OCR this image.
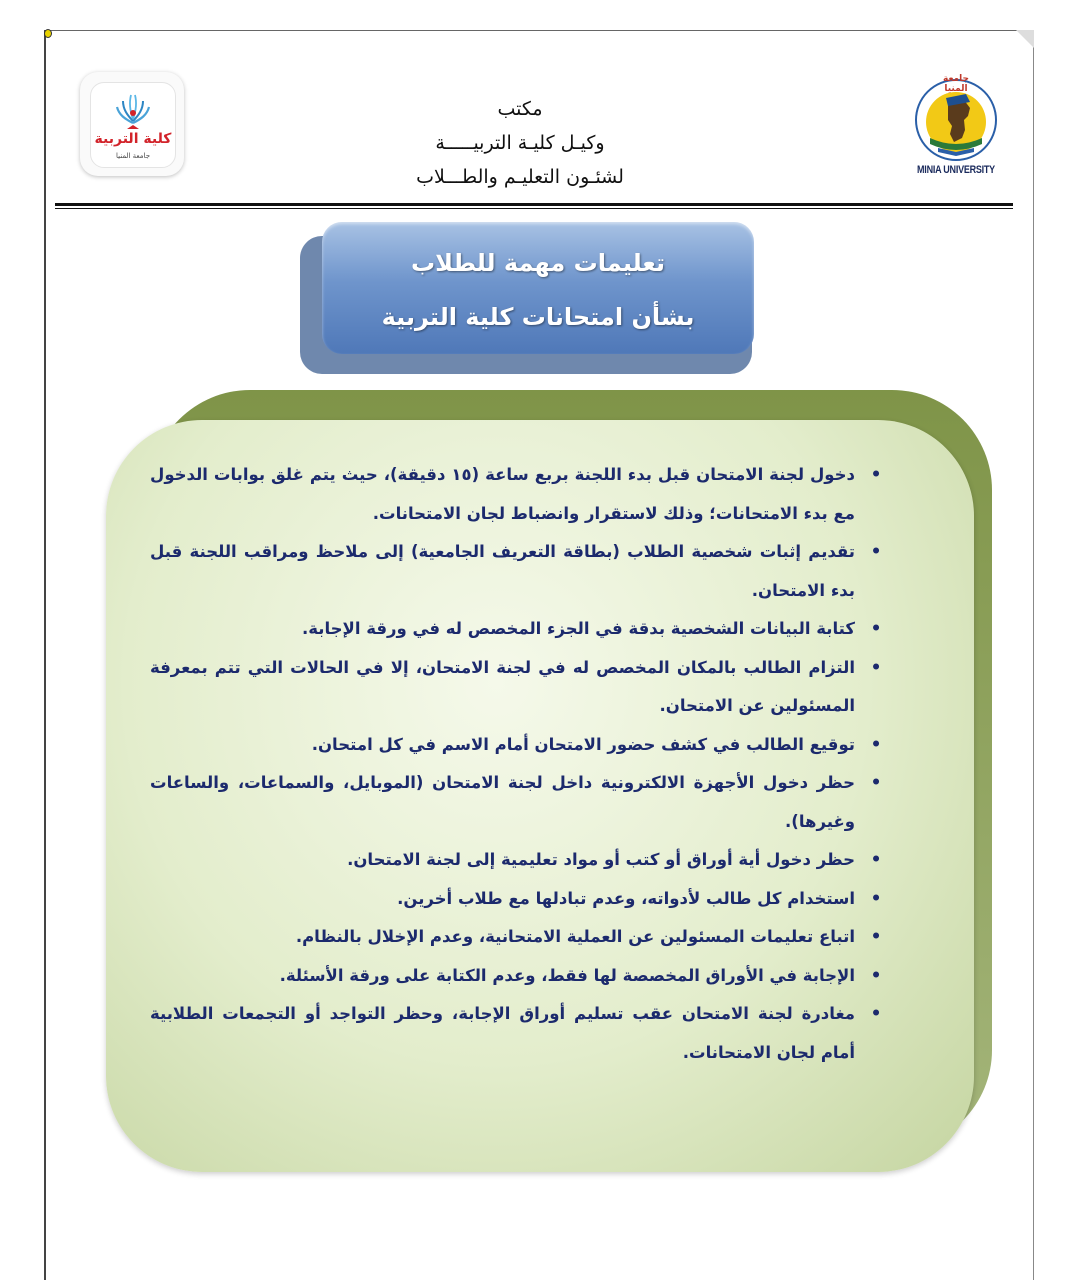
كلية التربية
جامعة المنيا
مكتب
وكيـل كليـة التربيـــــة
لشئـون التعليـم والطـــلاب
جامعة المنيا
MINIA UNIVERSITY
تعليمات مهمة للطلاب
بشأن امتحانات كلية التربية
•
دخول لجنة الامتحان قبل بدء اللجنة بربع ساعة (١٥ دقيقة)، حيث يتم غلق بوابات الدخول مع بدء الامتحانات؛ وذلك لاستقرار وانضباط لجان الامتحانات.
•
تقديم إثبات شخصية الطلاب (بطاقة التعريف الجامعية) إلى ملاحظ ومراقب اللجنة قبل بدء الامتحان.
•
كتابة البيانات الشخصية بدقة في الجزء المخصص له في ورقة الإجابة.
•
التزام الطالب بالمكان المخصص له في لجنة الامتحان، إلا في الحالات التي تتم بمعرفة المسئولين عن الامتحان.
•
توقيع الطالب في كشف حضور الامتحان أمام الاسم في كل امتحان.
•
حظر دخول الأجهزة الالكترونية داخل لجنة الامتحان (الموبايل، والسماعات، والساعات وغيرها).
•
حظر دخول أية أوراق أو كتب أو مواد تعليمية إلى لجنة الامتحان.
•
استخدام كل طالب لأدواته، وعدم تبادلها مع طلاب أخرين.
•
اتباع تعليمات المسئولين عن العملية الامتحانية، وعدم الإخلال بالنظام.
•
الإجابة في الأوراق المخصصة لها فقط، وعدم الكتابة على ورقة الأسئلة.
•
مغادرة لجنة الامتحان عقب تسليم أوراق الإجابة، وحظر التواجد أو التجمعات الطلابية أمام لجان الامتحانات.
